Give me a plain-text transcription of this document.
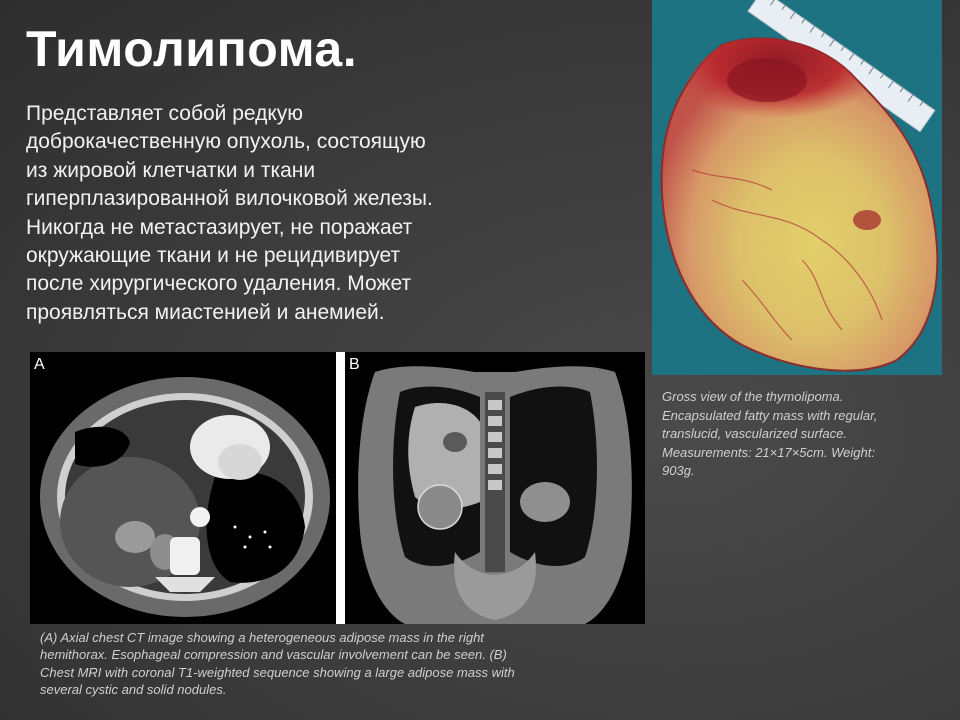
Тимолипома.
Представляет собой редкую
доброкачественную опухоль, состоящую
из жировой клетчатки и ткани
гиперплазированной вилочковой железы.
Никогда не метастазирует, не поражает
окружающие ткани и не рецидивирует
после хирургического удаления. Может
проявляться миастенией и анемией.
Gross view of the thymolipoma.
Encapsulated fatty mass with regular,
translucid, vascularized surface.
Measurements: 21×17×5cm. Weight:
903g.
A	B
(A) Axial chest CT image showing a heterogeneous adipose mass in the right
hemithorax. Esophageal compression and vascular involvement can be seen. (B)
Chest MRI with coronal T1-weighted sequence showing a large adipose mass with
several cystic and solid nodules.
